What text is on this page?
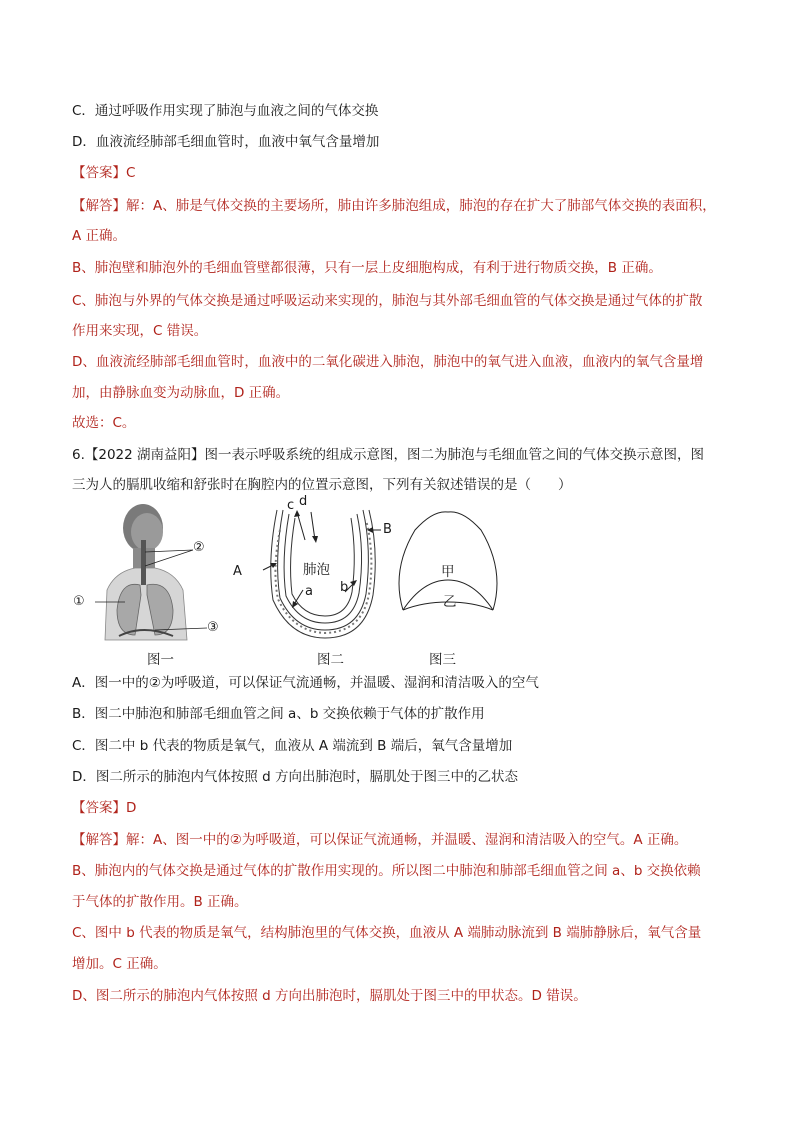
C．通过呼吸作用实现了肺泡与血液之间的气体交换
D．血液流经肺部毛细血管时，血液中氧气含量增加
【答案】C
【解答】解：A、肺是气体交换的主要场所，肺由许多肺泡组成，肺泡的存在扩大了肺部气体交换的表面积，
A 正确。
B、肺泡壁和肺泡外的毛细血管壁都很薄，只有一层上皮细胞构成，有利于进行物质交换，B 正确。
C、肺泡与外界的气体交换是通过呼吸运动来实现的，肺泡与其外部毛细血管的气体交换是通过气体的扩散
作用来实现，C 错误。
D、血液流经肺部毛细血管时，血液中的二氧化碳进入肺泡，肺泡中的氧气进入血液，血液内的氧气含量增
加，由静脉血变为动脉血，D 正确。
故选：C。
6.【2022 湖南益阳】图一表示呼吸系统的组成示意图，图二为肺泡与毛细血管之间的气体交换示意图，图
三为人的膈肌收缩和舒张时在胸腔内的位置示意图，下列有关叙述错误的是（　　）
①
②
③
图一
c d
A
B
a b
肺泡
图二
甲
乙
图三
A．图一中的②为呼吸道，可以保证气流通畅，并温暖、湿润和清洁吸入的空气
B．图二中肺泡和肺部毛细血管之间 a、b 交换依赖于气体的扩散作用
C．图二中 b 代表的物质是氧气，血液从 A 端流到 B 端后，氧气含量增加
D．图二所示的肺泡内气体按照 d 方向出肺泡时，膈肌处于图三中的乙状态
【答案】D
【解答】解：A、图一中的②为呼吸道，可以保证气流通畅，并温暖、湿润和清洁吸入的空气。A 正确。
B、肺泡内的气体交换是通过气体的扩散作用实现的。所以图二中肺泡和肺部毛细血管之间 a、b 交换依赖
于气体的扩散作用。B 正确。
C、图中 b 代表的物质是氧气，结构肺泡里的气体交换，血液从 A 端肺动脉流到 B 端肺静脉后，氧气含量
增加。C 正确。
D、图二所示的肺泡内气体按照 d 方向出肺泡时，膈肌处于图三中的甲状态。D 错误。
